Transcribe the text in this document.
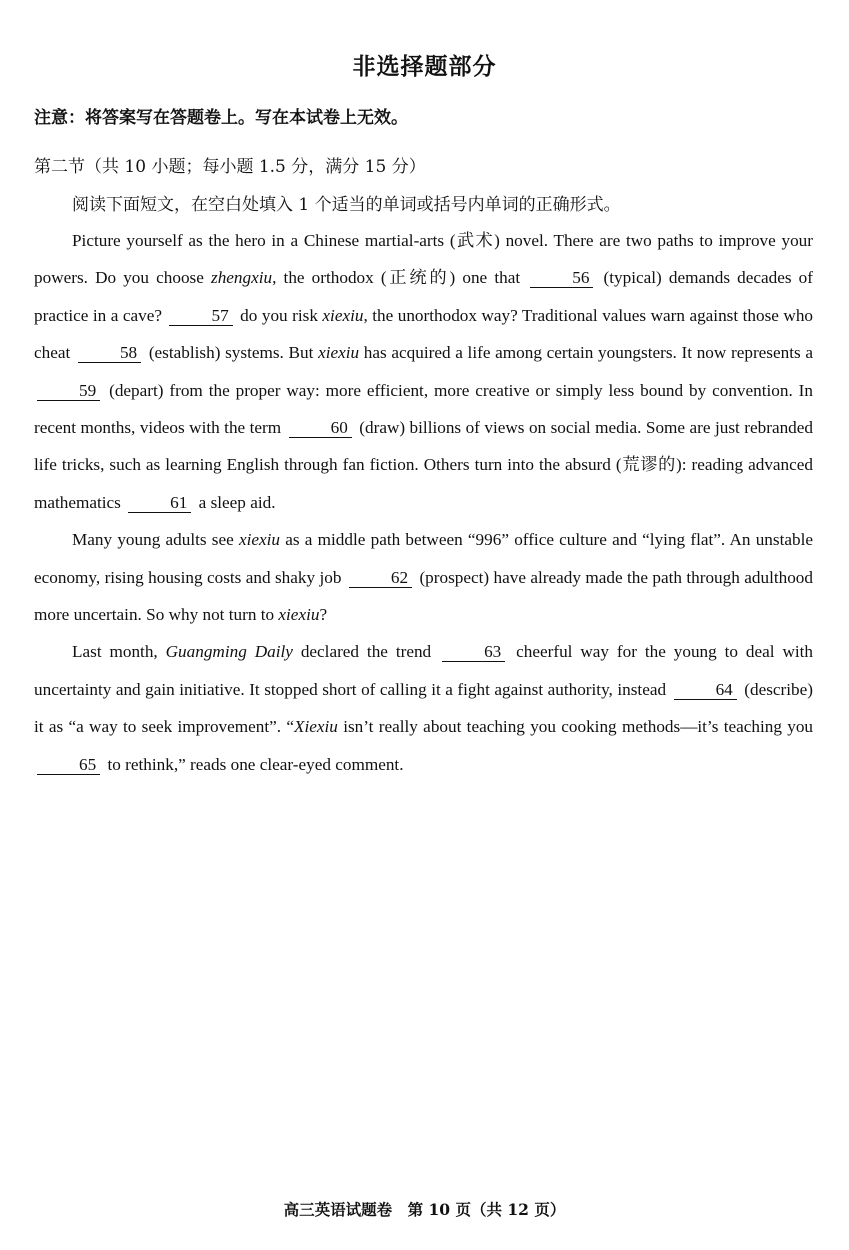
非选择题部分
注意：将答案写在答题卷上。写在本试卷上无效。
第二节（共 10 小题；每小题 1.5 分，满分 15 分）
阅读下面短文，在空白处填入 1 个适当的单词或括号内单词的正确形式。

Picture yourself as the hero in a Chinese martial-arts (武术) novel. There are two paths to improve your powers. Do you choose zhengxiu, the orthodox (正统的) one that	56 (typical) demands decades of practice in a cave?	57 do you risk xiexiu, the unorthodox way? Traditional values warn against those who cheat	58 (establish) systems. But xiexiu has acquired a life among certain youngsters. It now represents a 59 (depart) from the proper way: more efficient, more creative or simply less bound by convention. In recent months, videos with the term	60 (draw) billions of views on social media. Some are just rebranded life tricks, such as learning English through fan fiction. Others turn into the absurd (荒谬的): reading advanced mathematics	61 a sleep aid.

Many young adults see xiexiu as a middle path between “996” office culture and “lying flat”. An unstable economy, rising housing costs and shaky job	62 (prospect) have already made the path through adulthood more uncertain. So why not turn to xiexiu?

Last month, Guangming Daily declared the trend	63 cheerful way for the young to deal with uncertainty and gain initiative. It stopped short of calling it a fight against authority, instead	64 (describe) it as “a way to seek improvement”. “Xiexiu isn’t really about teaching you cooking methods—it’s teaching you 65 to rethink,” reads one clear-eyed comment.

高三英语试题卷　第 10 页（共 12 页）
